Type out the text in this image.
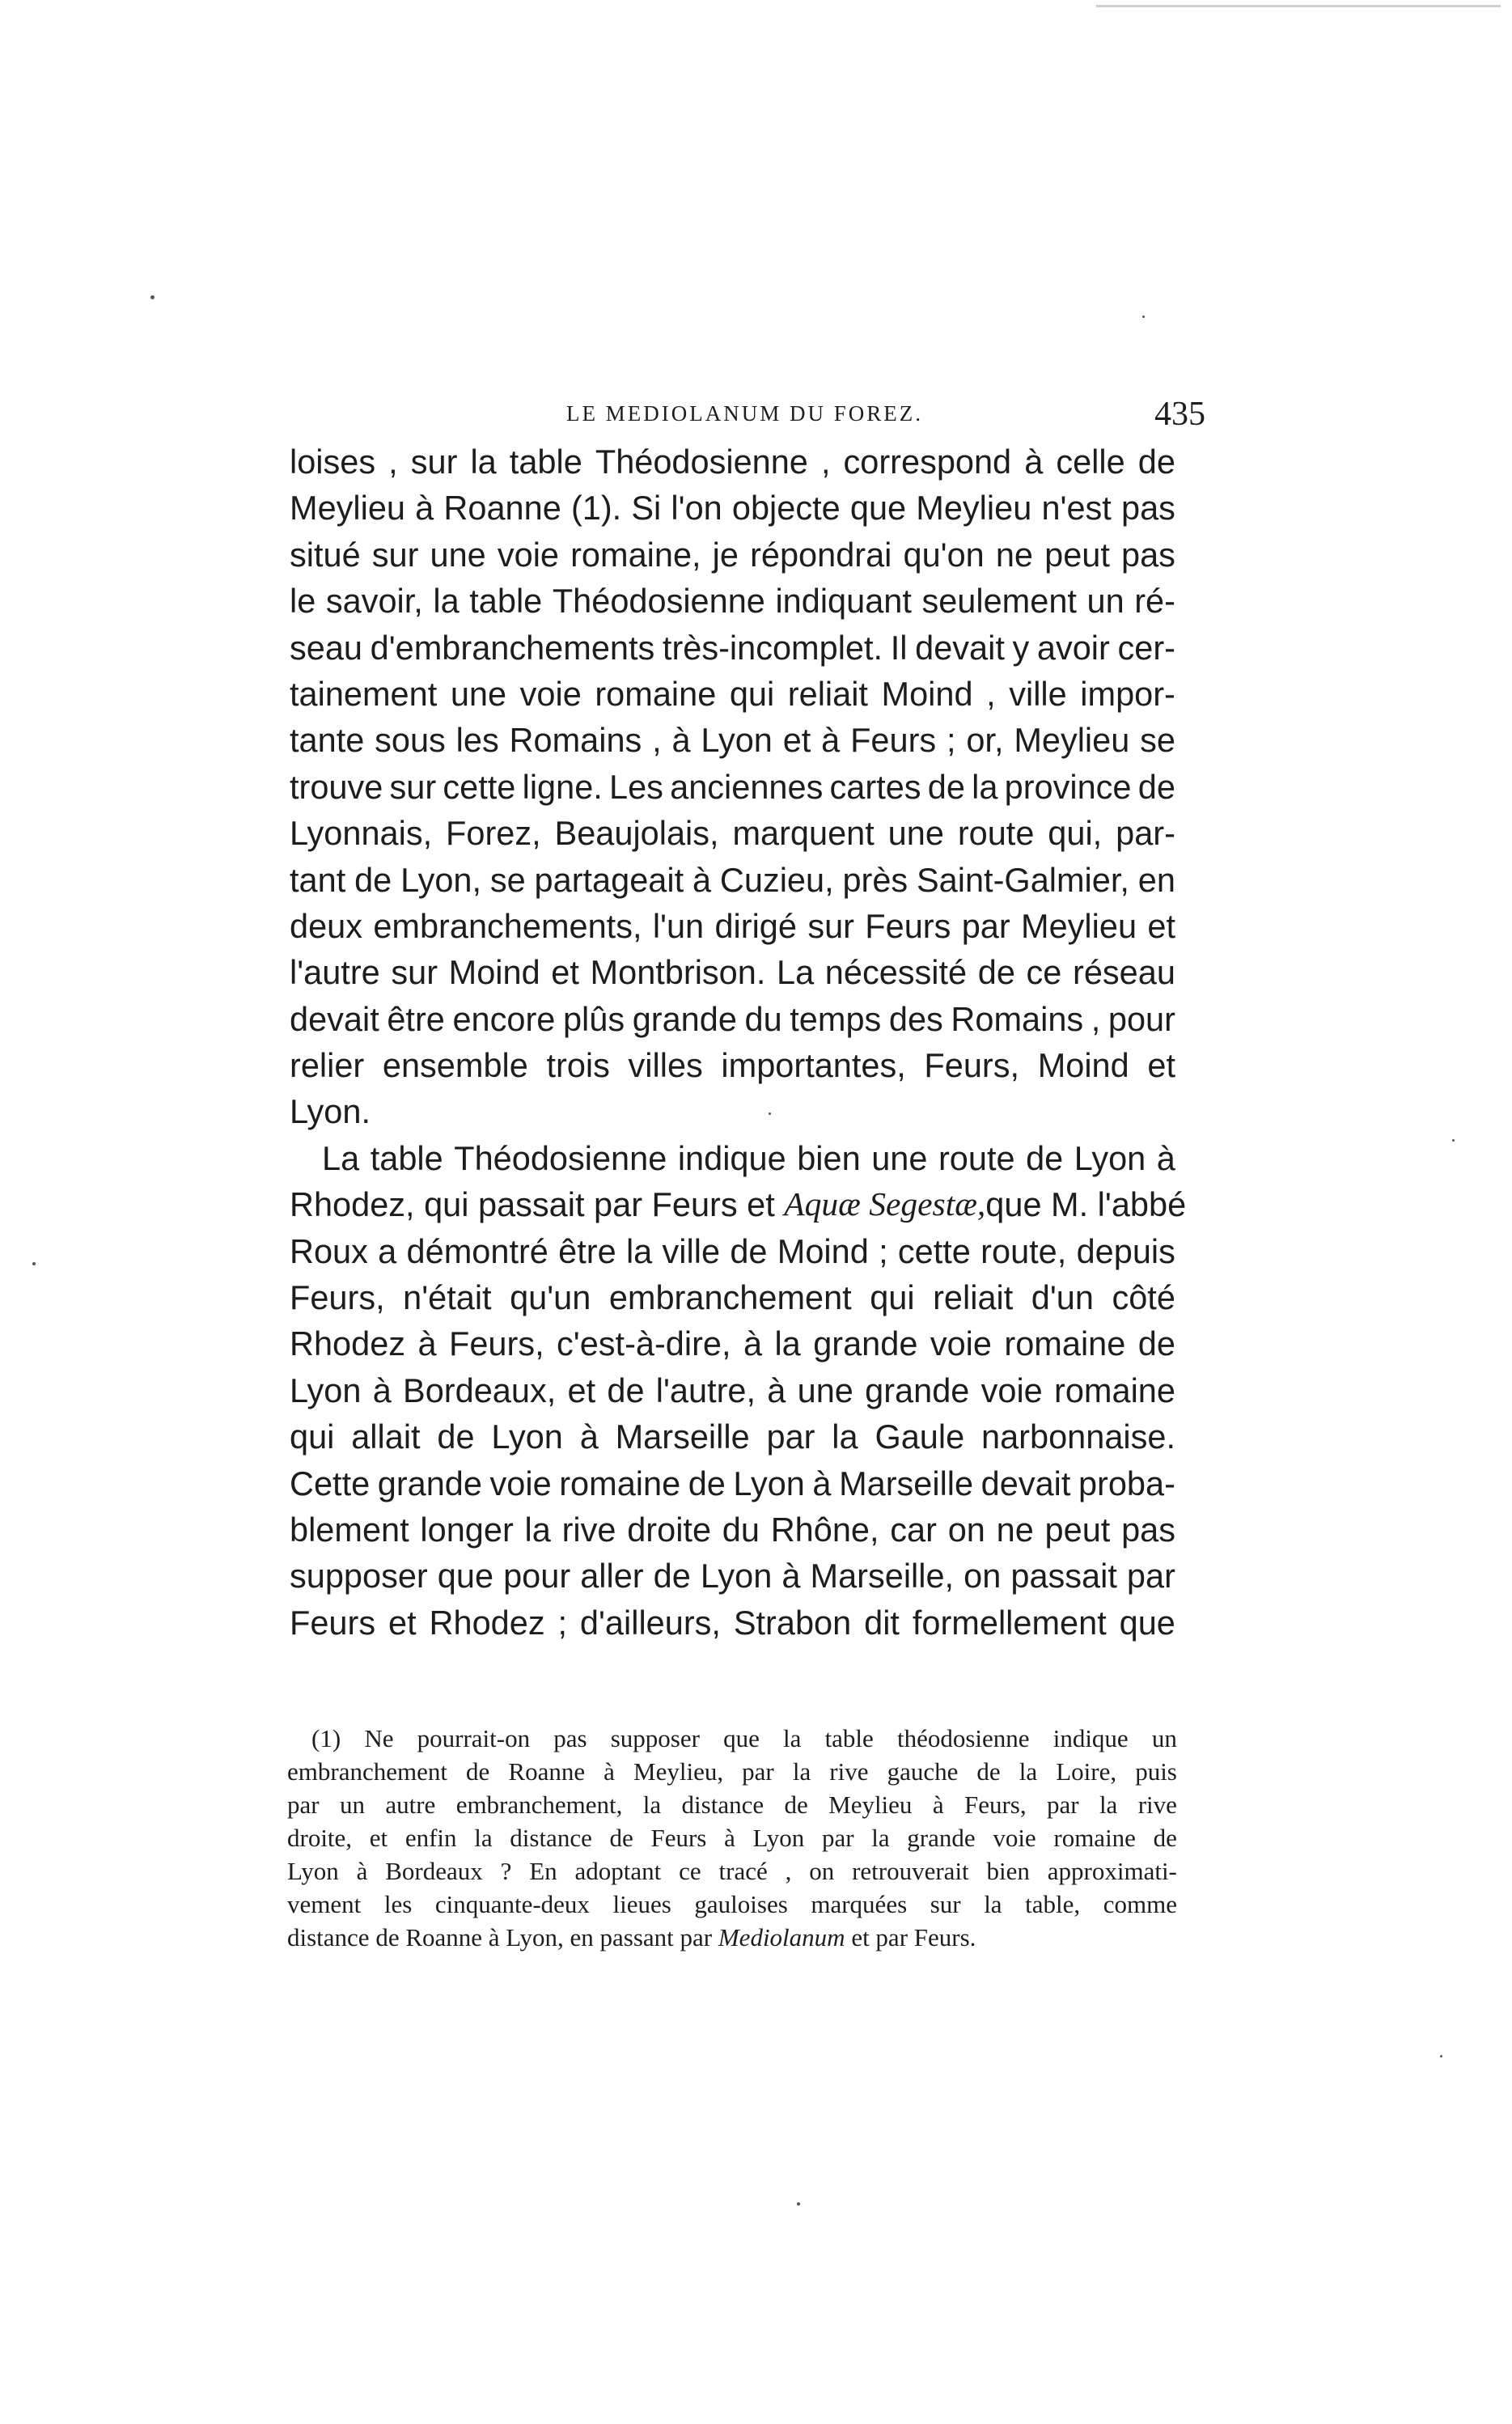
LE MEDIOLANUM DU FOREZ.	435
loises , sur la table Théodosienne , correspond à celle de
Meylieu à Roanne (1). Si l'on objecte que Meylieu n'est pas
situé sur une voie romaine, je répondrai qu'on ne peut pas
le savoir, la table Théodosienne indiquant seulement un ré-
seau d'embranchements très-incomplet. Il devait y avoir cer-
tainement une voie romaine qui reliait Moind , ville impor-
tante sous les Romains , à Lyon et à Feurs ; or, Meylieu se
trouve sur cette ligne. Les anciennes cartes de la province de
Lyonnais, Forez, Beaujolais, marquent une route qui, par-
tant de Lyon, se partageait à Cuzieu, près Saint-Galmier, en
deux embranchements, l'un dirigé sur Feurs par Meylieu et
l'autre sur Moind et Montbrison. La nécessité de ce réseau
devait être encore plûs grande du temps des Romains , pour
relier ensemble trois villes importantes, Feurs, Moind et
Lyon.
La table Théodosienne indique bien une route de Lyon à
Rhodez, qui passait par Feurs et
Aquæ Segestæ, que M. l'abbé
Roux a démontré être la ville de Moind ; cette route, depuis
Feurs, n'était qu'un embranchement qui reliait d'un côté
Rhodez à Feurs, c'est-à-dire, à la grande voie romaine de
Lyon à Bordeaux, et de l'autre, à une grande voie romaine
qui allait de Lyon à Marseille par la Gaule narbonnaise.
Cette grande voie romaine de Lyon à Marseille devait proba-
blement longer la rive droite du Rhône, car on ne peut pas
supposer que pour aller de Lyon à Marseille, on passait par
Feurs et Rhodez ; d'ailleurs, Strabon dit formellement que
(1) Ne pourrait-on pas supposer que la table théodosienne indique un
embranchement de Roanne à Meylieu, par la rive gauche de la Loire, puis
par un autre embranchement, la distance de Meylieu à Feurs, par la rive
droite, et enfin la distance de Feurs à Lyon par la grande voie romaine de
Lyon à Bordeaux ? En adoptant ce tracé , on retrouverait bien approximati-
vement les cinquante-deux lieues gauloises marquées sur la table, comme
distance de Roanne à Lyon, en passant par
Mediolanum
et par Feurs.
